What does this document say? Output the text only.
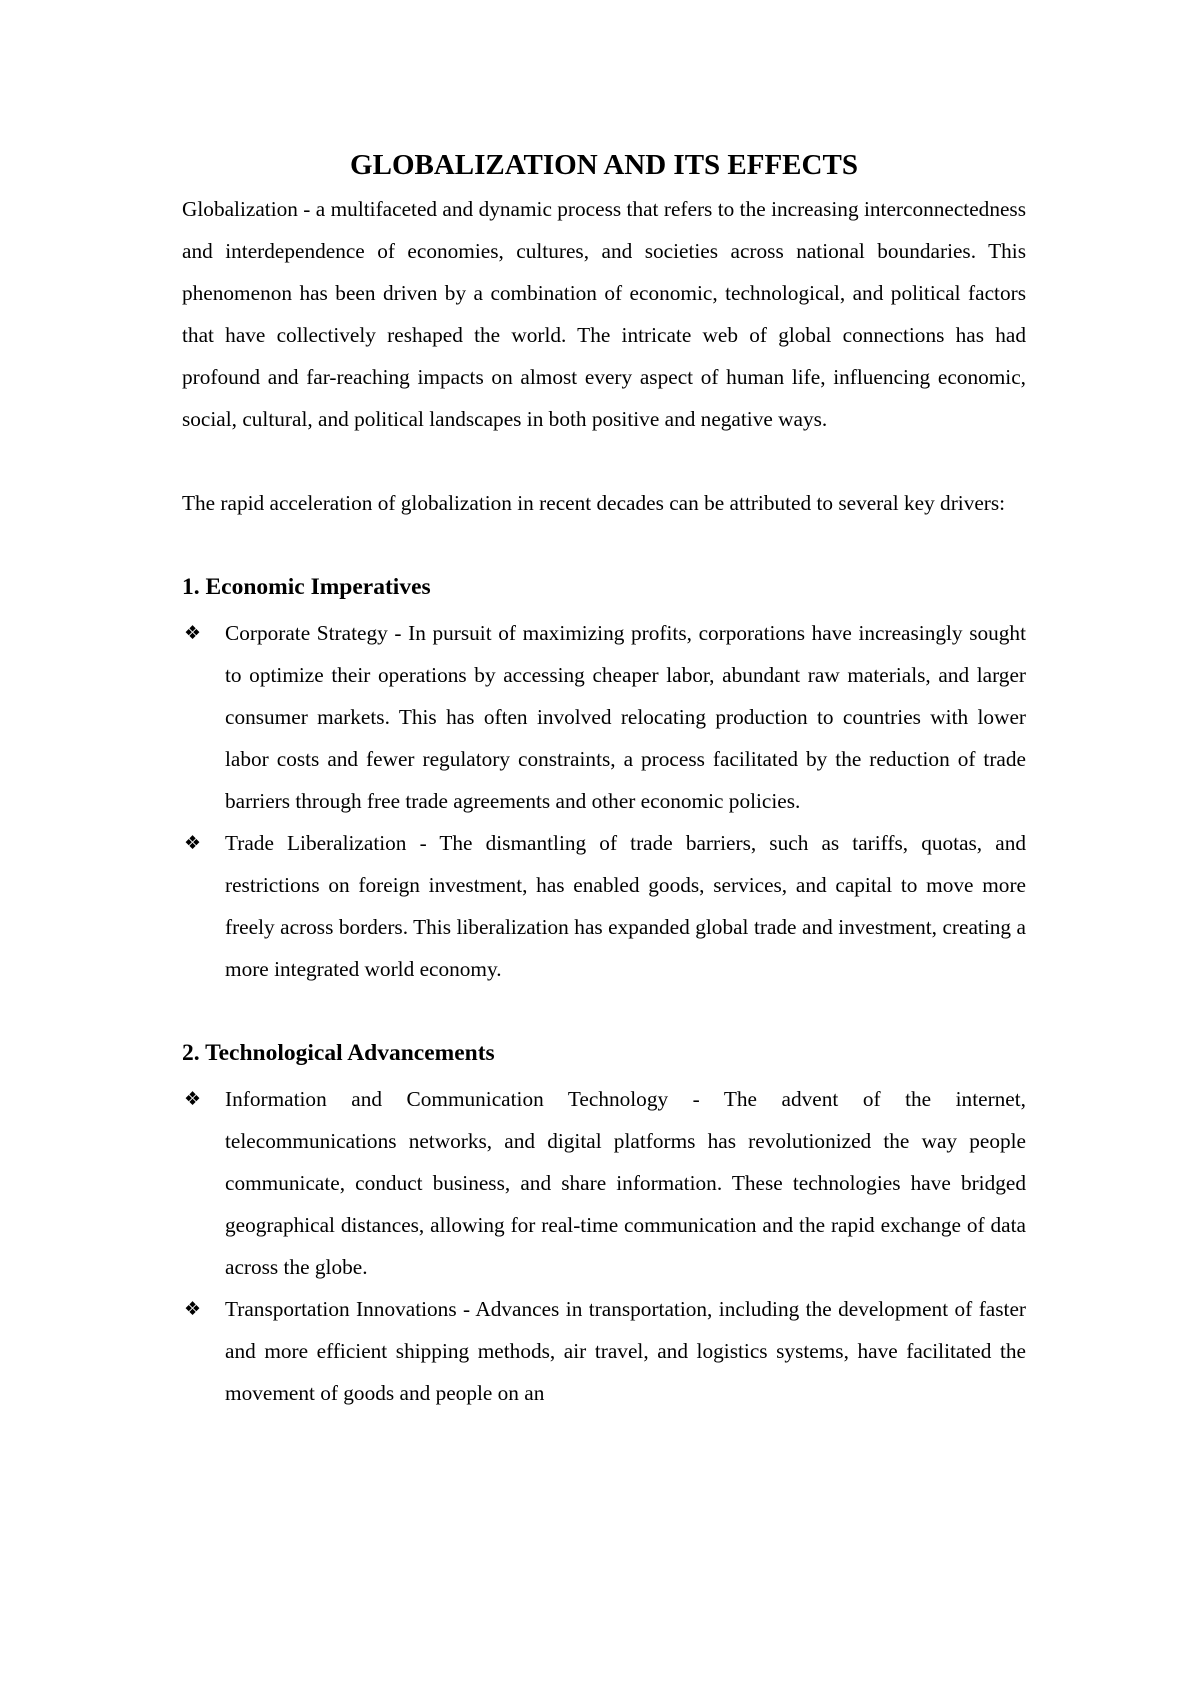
GLOBALIZATION AND ITS EFFECTS

Globalization - a multifaceted and dynamic process that refers to the increasing interconnectedness and interdependence of economies, cultures, and societies across national boundaries. This phenomenon has been driven by a combination of economic, technological, and political factors that have collectively reshaped the world. The intricate web of global connections has had profound and far-reaching impacts on almost every aspect of human life, influencing economic, social, cultural, and political landscapes in both positive and negative ways.

The rapid acceleration of globalization in recent decades can be attributed to several key drivers:

1. Economic Imperatives
❖ Corporate Strategy - In pursuit of maximizing profits, corporations have increasingly sought to optimize their operations by accessing cheaper labor, abundant raw materials, and larger consumer markets. This has often involved relocating production to countries with lower labor costs and fewer regulatory constraints, a process facilitated by the reduction of trade barriers through free trade agreements and other economic policies.
❖ Trade Liberalization - The dismantling of trade barriers, such as tariffs, quotas, and restrictions on foreign investment, has enabled goods, services, and capital to move more freely across borders. This liberalization has expanded global trade and investment, creating a more integrated world economy.
2. Technological Advancements
❖ Information and Communication Technology - The advent of the internet, telecommunications networks, and digital platforms has revolutionized the way people communicate, conduct business, and share information. These technologies have bridged geographical distances, allowing for real-time communication and the rapid exchange of data across the globe.
❖ Transportation Innovations - Advances in transportation, including the development of faster and more efficient shipping methods, air travel, and logistics systems, have facilitated the movement of goods and people on an
